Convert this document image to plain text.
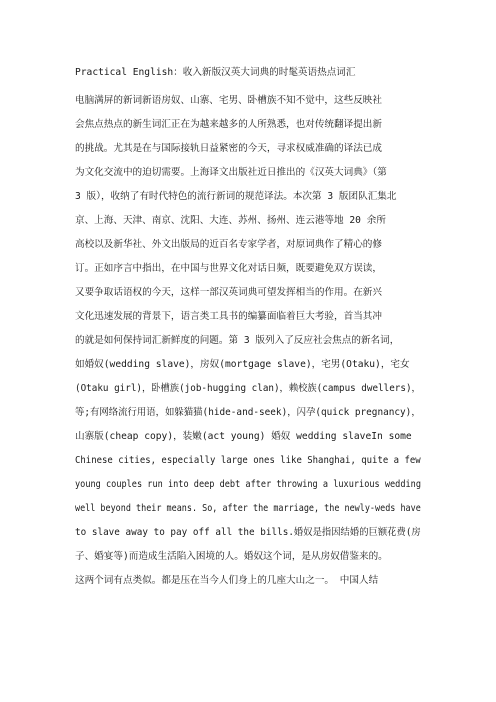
Practical English：收入新版汉英大词典的时髦英语热点词汇

电脑满屏的新词新语房奴、山寨、宅男、卧槽族不知不觉中，这些反映社

会焦点热点的新生词汇正在为越来越多的人所熟悉，也对传统翻译提出新

的挑战。尤其是在与国际接轨日益紧密的今天，寻求权威准确的译法已成

为文化交流中的迫切需要。上海译文出版社近日推出的《汉英大词典》（第

3 版），收纳了有时代特色的流行新词的规范译法。本次第 3 版团队汇集北

京、上海、天津、南京、沈阳、大连、苏州、扬州、连云港等地 20 余所

高校以及新华社、外文出版局的近百名专家学者，对原词典作了精心的修

订。正如序言中指出，在中国与世界文化对话日频，既要避免双方误读，

又要争取话语权的今天，这样一部汉英词典可望发挥相当的作用。在新兴

文化迅速发展的背景下，语言类工具书的编纂面临着巨大考验，首当其冲

的就是如何保持词汇新鲜度的问题。第 3 版列入了反应社会焦点的新名词，

如婚奴(wedding slave)，房奴(mortgage slave)，宅男(Otaku)，宅女

(Otaku girl)，卧槽族(job-hugging clan)，赖校族(campus dwellers)，

等;有网络流行用语，如躲猫猫(hide-and-seek)，闪孕(quick pregnancy)，

山寨版(cheap copy)，装嫩(act young) 婚奴 wedding slaveIn some

Chinese cities, especially large ones like Shanghai, quite a few

young couples run into deep debt after throwing a luxurious wedding

well beyond their means. So, after the marriage, the newly-weds have

to slave away to pay off all the bills.婚奴是指因结婚的巨额花费(房

子、婚宴等)而造成生活陷入困境的人。婚奴这个词，是从房奴借鉴来的。

这两个词有点类似。都是压在当今人们身上的几座大山之一。 中国人结
